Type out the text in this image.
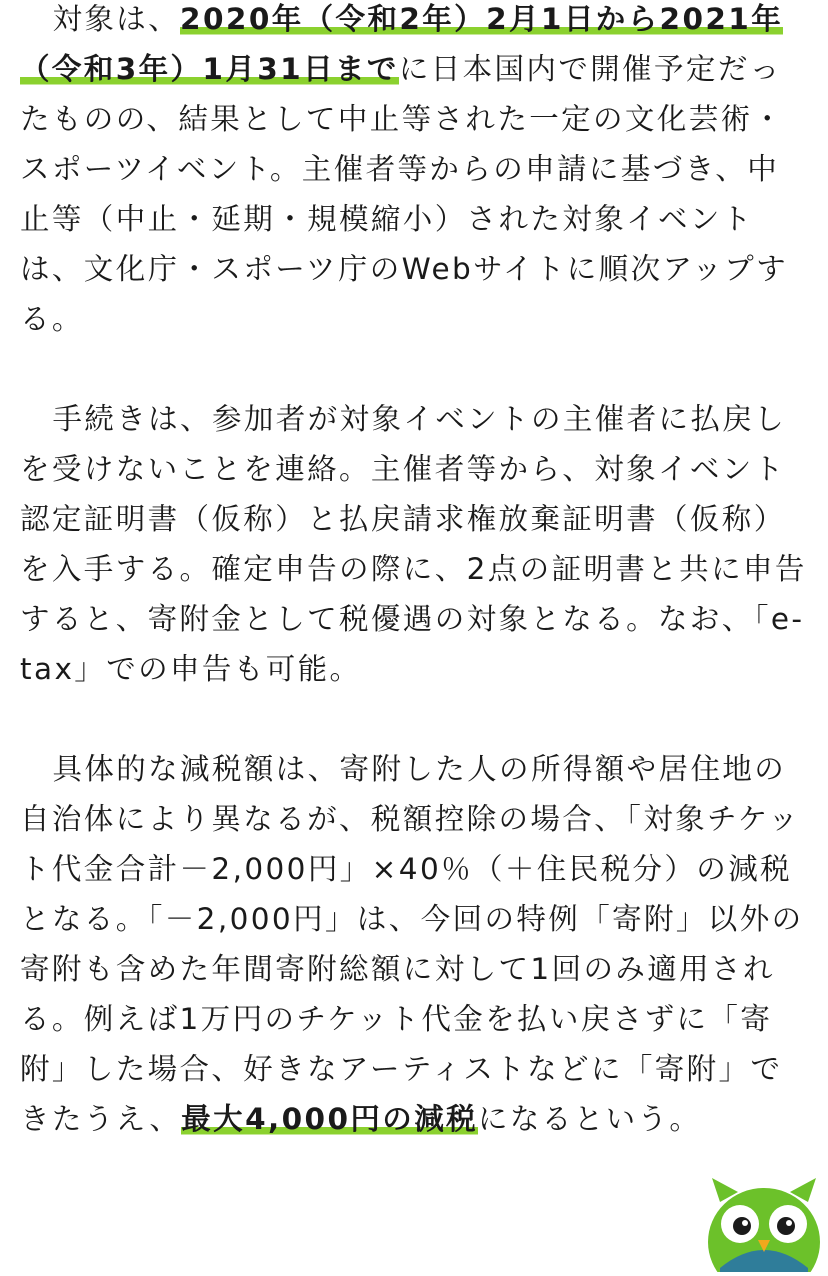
対象は、2020年（令和2年）2月1日から2021年（令和3年）1月31日までに日本国内で開催予定だったものの、結果として中止等された一定の文化芸術・スポーツイベント。主催者等からの申請に基づき、中止等（中止・延期・規模縮小）された対象イベントは、文化庁・スポーツ庁のWebサイトに順次アップする。

手続きは、参加者が対象イベントの主催者に払戻しを受けないことを連絡。主催者等から、対象イベント認定証明書（仮称）と払戻請求権放棄証明書（仮称）を入手する。確定申告の際に、2点の証明書と共に申告すると、寄附金として税優遇の対象となる。なお、「e-tax」での申告も可能。

具体的な減税額は、寄附した人の所得額や居住地の自治体により異なるが、税額控除の場合、「対象チケット代金合計－2,000円」×40％（＋住民税分）の減税となる。「－2,000円」は、今回の特例「寄附」以外の寄附も含めた年間寄附総額に対して1回のみ適用される。例えば1万円のチケット代金を払い戻さずに「寄附」した場合、好きなアーティストなどに「寄附」できたうえ、最大4,000円の減税になるという。
